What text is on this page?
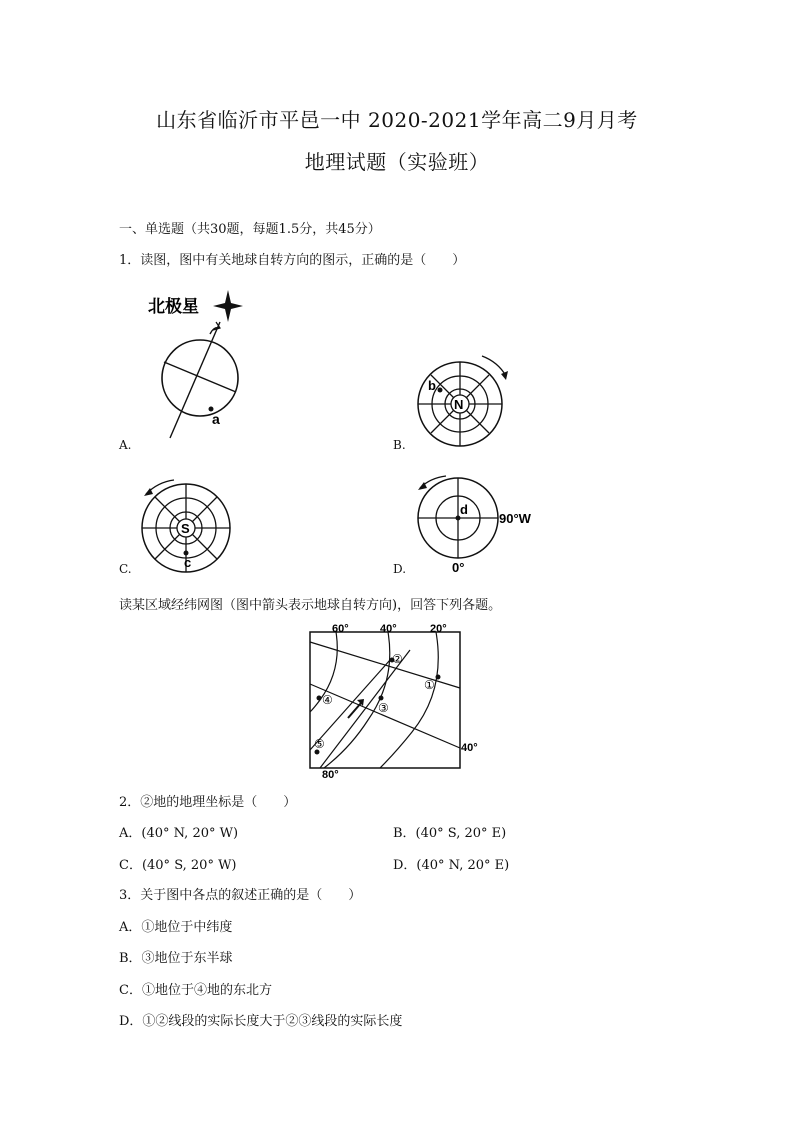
山东省临沂市平邑一中 2020-2021学年高二9月月考
地理试题（实验班）
一、单选题（共30题，每题1.5分，共45分）
1．读图，图中有关地球自转方向的图示，正确的是（　　）
北极星
a
A.
N
b
B.
S
c
C.
d
90°W
0°
D.
读某区域经纬网图（图中箭头表示地球自转方向)，回答下列各题。
②
①
③
④
⑤
60°	40°	20°
40°
80°
2．②地的地理坐标是（　　）
A．(40° N, 20° W)	B．(40° S, 20° E)
C．(40° S, 20° W)	D．(40° N, 20° E)
3．关于图中各点的叙述正确的是（　　）
A．①地位于中纬度
B．③地位于东半球
C．①地位于④地的东北方
D．①②线段的实际长度大于②③线段的实际长度
